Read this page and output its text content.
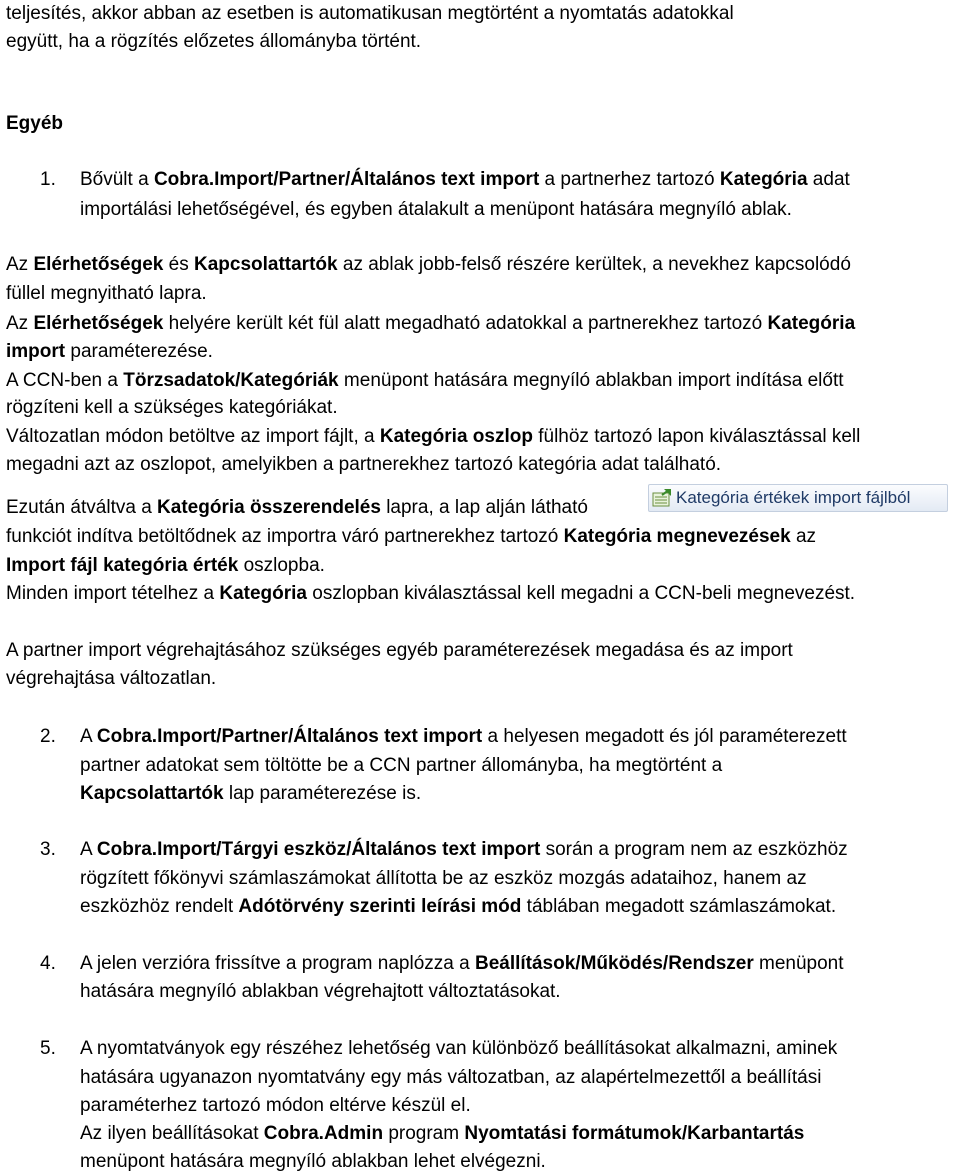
teljesítés, akkor abban az esetben is automatikusan megtörtént a nyomtatás adatokkal
együtt, ha a rögzítés előzetes állományba történt.
Egyéb
1. Bővült a Cobra.Import/Partner/Általános text import a partnerhez tartozó Kategória adat
importálási lehetőségével, és egyben átalakult a menüpont hatására megnyíló ablak.
Az Elérhetőségek és Kapcsolattartók az ablak jobb-felső részére kerültek, a nevekhez kapcsolódó
füllel megnyitható lapra.
Az Elérhetőségek helyére került két fül alatt megadható adatokkal a partnerekhez tartozó Kategória
import paraméterezése.
A CCN-ben a Törzsadatok/Kategóriák menüpont hatására megnyíló ablakban import indítása előtt
rögzíteni kell a szükséges kategóriákat.
Változatlan módon betöltve az import fájlt, a Kategória oszlop fülhöz tartozó lapon kiválasztással kell
megadni azt az oszlopot, amelyikben a partnerekhez tartozó kategória adat található.
Ezután átváltva a Kategória összerendelés lapra, a lap alján látható	Kategória értékek import fájlból
funkciót indítva betöltődnek az importra váró partnerekhez tartozó Kategória megnevezések az
Import fájl kategória érték oszlopba.
Minden import tételhez a Kategória oszlopban kiválasztással kell megadni a CCN-beli megnevezést.
A partner import végrehajtásához szükséges egyéb paraméterezések megadása és az import
végrehajtása változatlan.
2. A Cobra.Import/Partner/Általános text import a helyesen megadott és jól paraméterezett
partner adatokat sem töltötte be a CCN partner állományba, ha megtörtént a
Kapcsolattartók lap paraméterezése is.
3. A Cobra.Import/Tárgyi eszköz/Általános text import során a program nem az eszközhöz
rögzített főkönyvi számlaszámokat állította be az eszköz mozgás adataihoz, hanem az
eszközhöz rendelt Adótörvény szerinti leírási mód táblában megadott számlaszámokat.
4. A jelen verzióra frissítve a program naplózza a Beállítások/Működés/Rendszer menüpont
hatására megnyíló ablakban végrehajtott változtatásokat.
5. A nyomtatványok egy részéhez lehetőség van különböző beállításokat alkalmazni, aminek
hatására ugyanazon nyomtatvány egy más változatban, az alapértelmezettől a beállítási
paraméterhez tartozó módon eltérve készül el.
Az ilyen beállításokat Cobra.Admin program Nyomtatási formátumok/Karbantartás
menüpont hatására megnyíló ablakban lehet elvégezni.
